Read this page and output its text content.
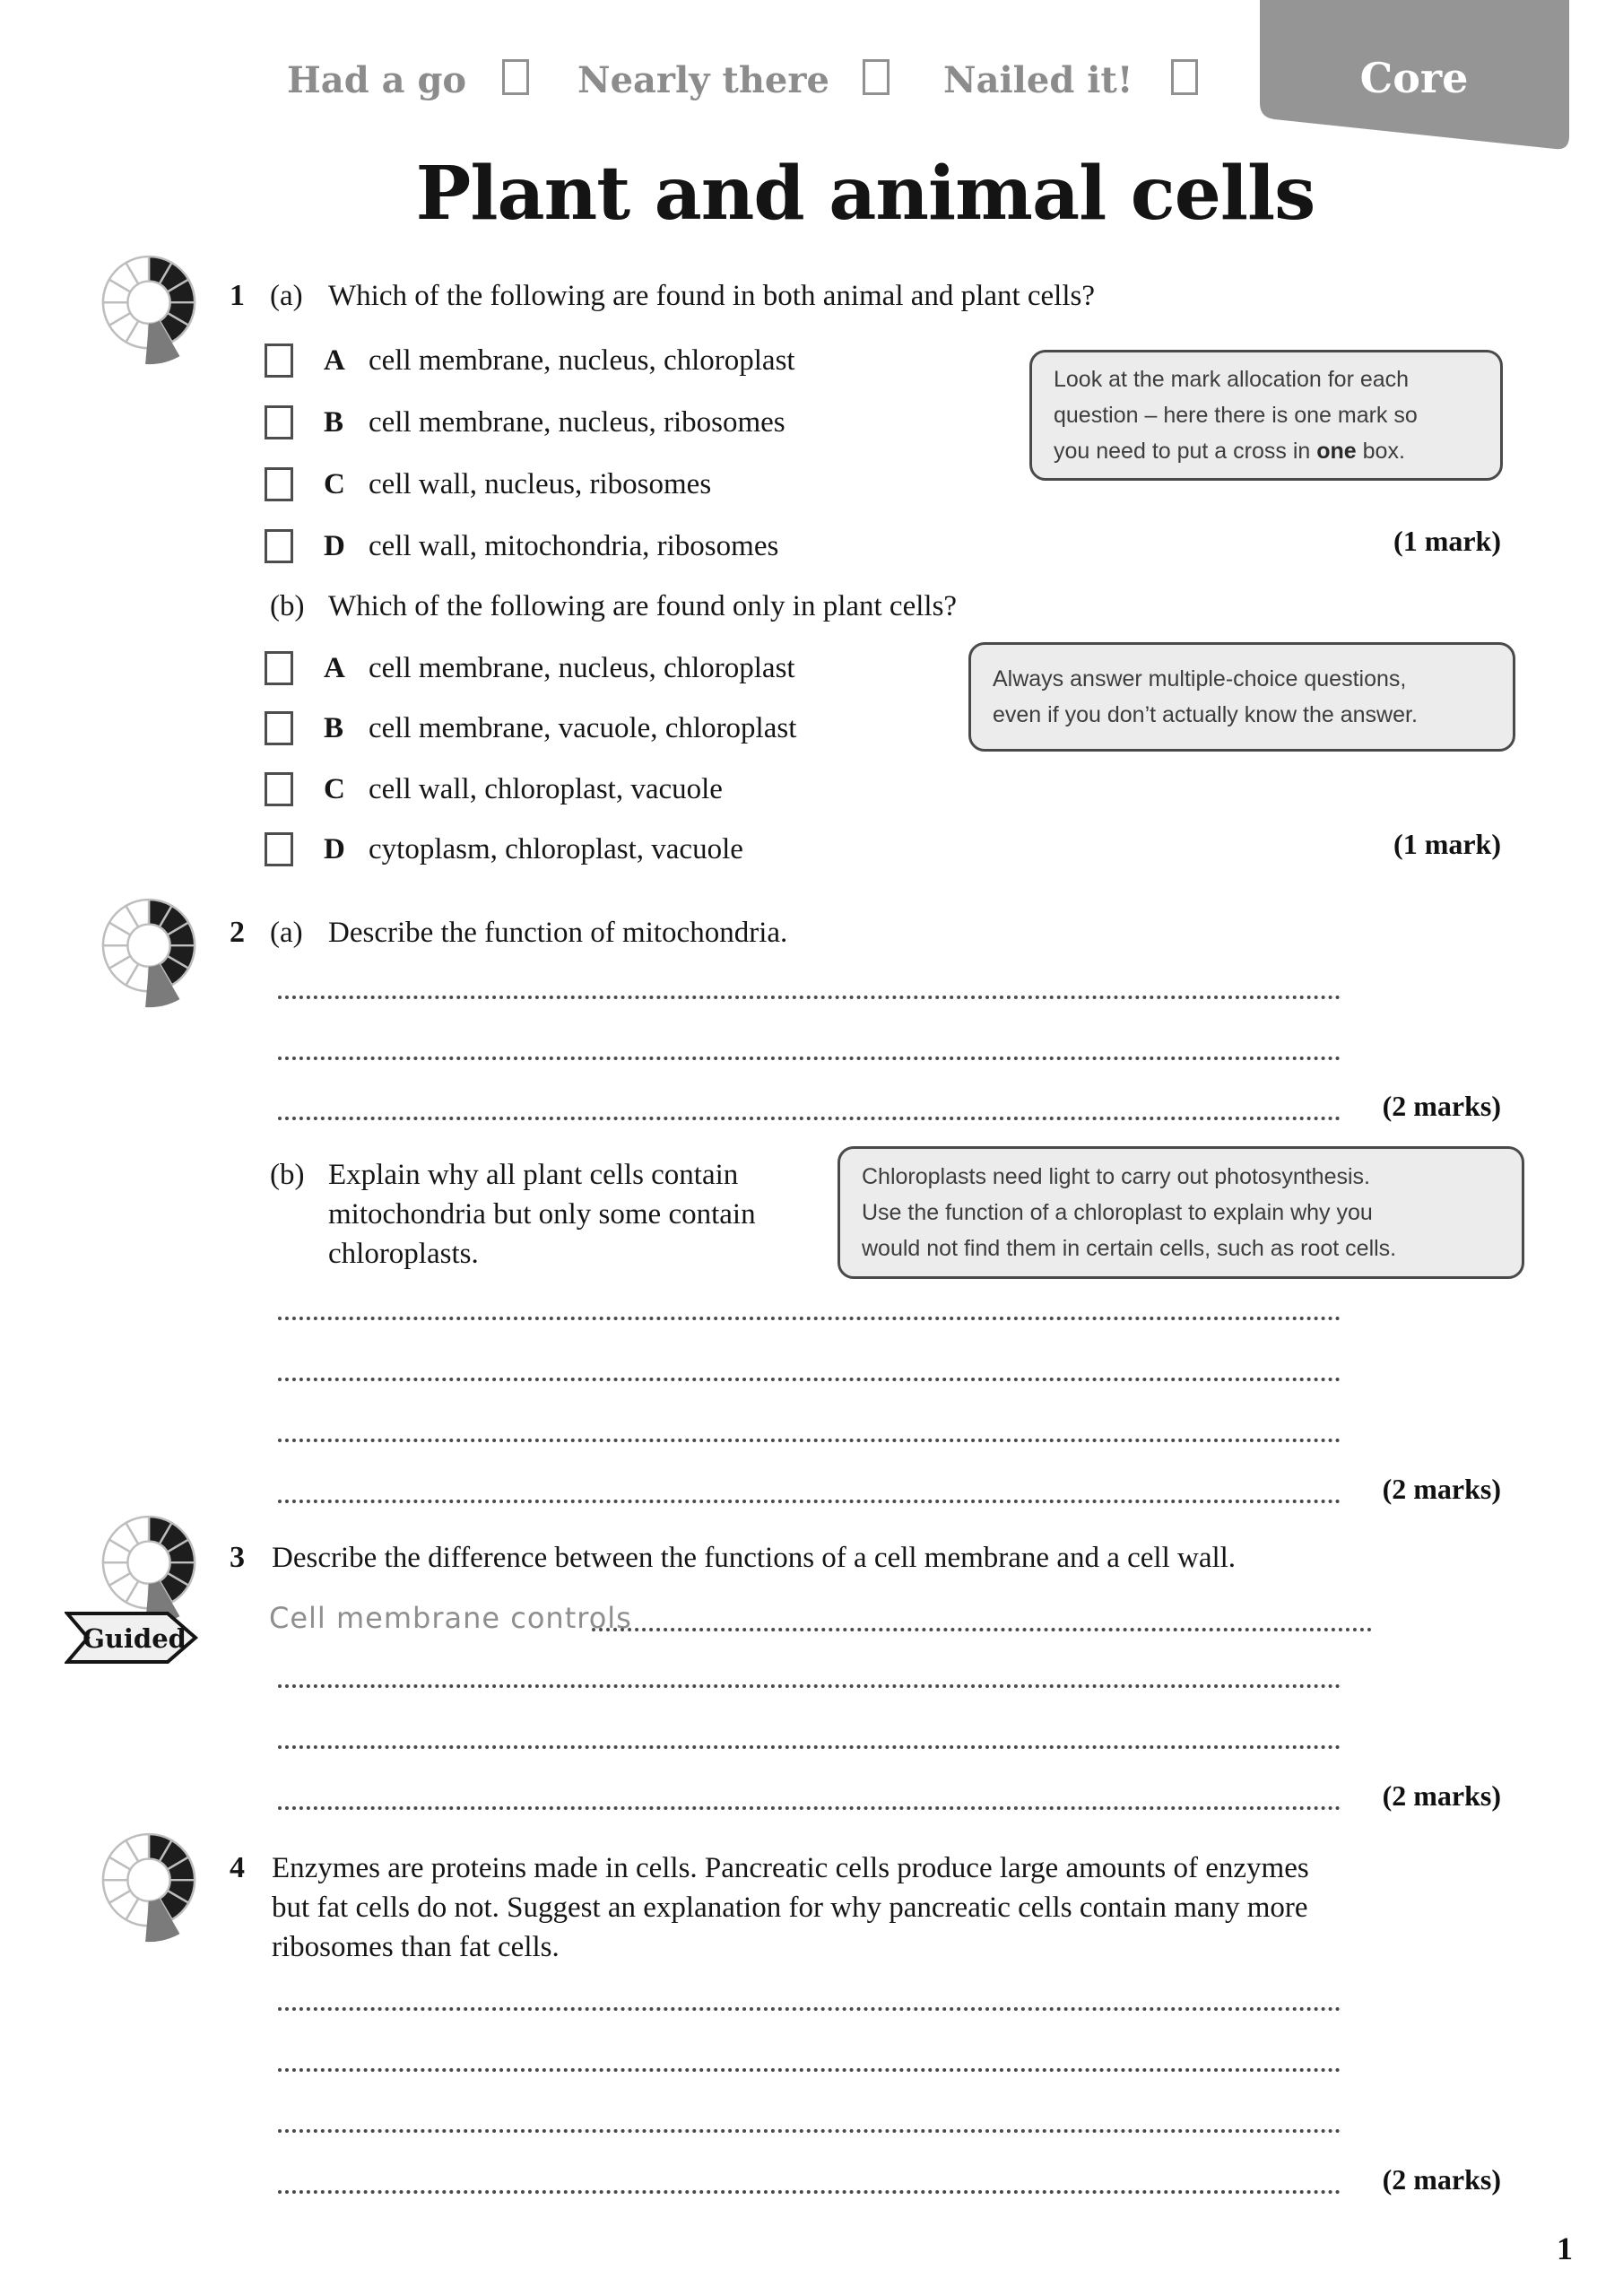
Had a go	Nearly there	Nailed it!	Core
Plant and animal cells
1 (a) Which of the following are found in both animal and plant cells?
A cell membrane, nucleus, chloroplast
B cell membrane, nucleus, ribosomes
C cell wall, nucleus, ribosomes
D cell wall, mitochondria, ribosomes
Look at the mark allocation for each
question – here there is one mark so
you need to put a cross in one box.
(1 mark)
(b) Which of the following are found only in plant cells?
A cell membrane, nucleus, chloroplast
B cell membrane, vacuole, chloroplast
C cell wall, chloroplast, vacuole
D cytoplasm, chloroplast, vacuole
Always answer multiple-choice questions,
even if you don’t actually know the answer.
(1 mark)
2 (a) Describe the function of mitochondria.
(2 marks)
(b) Explain why all plant cells contain
mitochondria but only some contain
chloroplasts.
Chloroplasts need light to carry out photosynthesis.
Use the function of a chloroplast to explain why you
would not find them in certain cells, such as root cells.
(2 marks)
3 Describe the difference between the functions of a cell membrane and a cell wall.
Guided
Cell membrane controls
(2 marks)
4 Enzymes are proteins made in cells. Pancreatic cells produce large amounts of enzymes
but fat cells do not. Suggest an explanation for why pancreatic cells contain many more
ribosomes than fat cells.
(2 marks)
1
